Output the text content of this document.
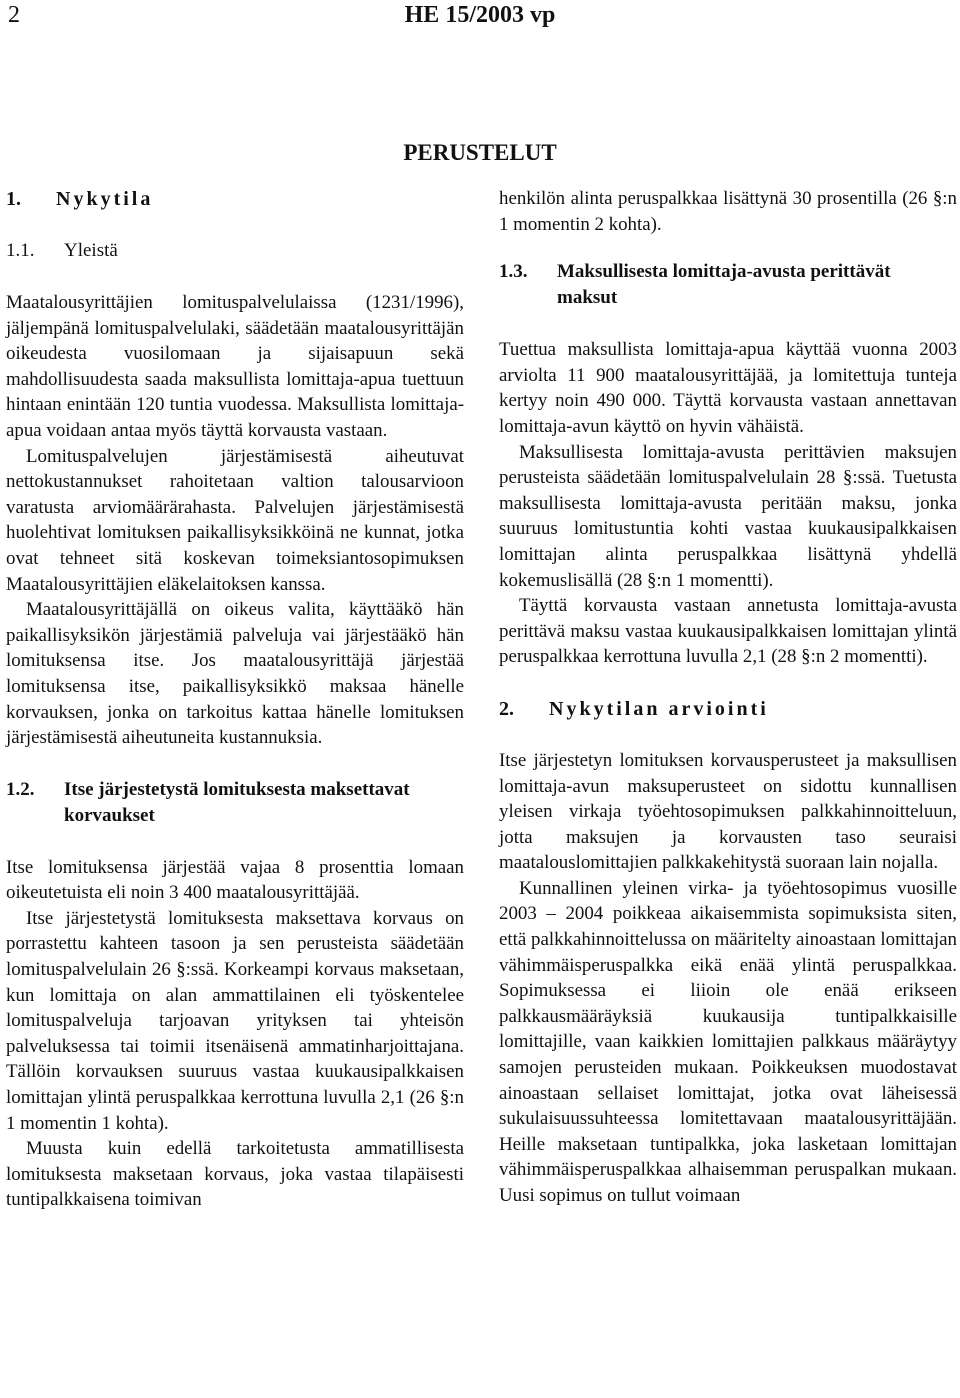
2	HE 15/2003 vp
PERUSTELUT
1. Nykytila
1.1. Yleistä

Maatalousyrittäjien lomituspalvelulaissa (1231/1996), jäljempänä lomituspalvelulaki, säädetään maatalousyrittäjän oikeudesta vuosilomaan ja sijaisapuun sekä mahdollisuudesta saada maksullista lomittaja-apua tuettuun hintaan enintään 120 tuntia vuodessa. Maksullista lomittaja-apua voidaan antaa myös täyttä korvausta vastaan.

Lomituspalvelujen järjestämisestä aiheutuvat nettokustannukset rahoitetaan valtion talousarvioon varatusta arviomäärärahasta. Palvelujen järjestämisestä huolehtivat lomituksen paikallisyksikköinä ne kunnat, jotka ovat tehneet sitä koskevan toimeksiantosopimuksen Maatalousyrittäjien eläkelaitoksen kanssa.

Maatalousyrittäjällä on oikeus valita, käyttääkö hän paikallisyksikön järjestämiä palveluja vai järjestääkö hän lomituksensa itse. Jos maatalousyrittäjä järjestää lomituksensa itse, paikallisyksikkö maksaa hänelle korvauksen, jonka on tarkoitus kattaa hänelle lomituksen järjestämisestä aiheutuneita kustannuksia.

1.2. Itse järjestetystä lomituksesta maksettavat korvaukset

Itse lomituksensa järjestää vajaa 8 prosenttia lomaan oikeutetuista eli noin 3 400 maatalousyrittäjää.

Itse järjestetystä lomituksesta maksettava korvaus on porrastettu kahteen tasoon ja sen perusteista säädetään lomituspalvelulain 26 §:ssä. Korkeampi korvaus maksetaan, kun lomittaja on alan ammattilainen eli työskentelee lomituspalveluja tarjoavan yrityksen tai yhteisön palveluksessa tai toimii itsenäisenä ammatinharjoittajana. Tällöin korvauksen suuruus vastaa kuukausipalkkaisen lomittajan ylintä peruspalkkaa kerrottuna luvulla 2,1 (26 §:n 1 momentin 1 kohta).

Muusta kuin edellä tarkoitetusta ammatillisesta lomituksesta maksetaan korvaus, joka vastaa tilapäisesti tuntipalkkaisena toimivan

henkilön alinta peruspalkkaa lisättynä 30 prosentilla (26 §:n 1 momentin 2 kohta).

1.3. Maksullisesta lomittaja-avusta perittävät maksut

Tuettua maksullista lomittaja-apua käyttää vuonna 2003 arviolta 11 900 maatalousyrittäjää, ja lomitettuja tunteja kertyy noin 490 000. Täyttä korvausta vastaan annettavan lomittaja-avun käyttö on hyvin vähäistä.

Maksullisesta lomittaja-avusta perittävien maksujen perusteista säädetään lomituspalvelulain 28 §:ssä. Tuetusta maksullisesta lomittaja-avusta peritään maksu, jonka suuruus lomitustuntia kohti vastaa kuukausipalkkaisen lomittajan alinta peruspalkkaa lisättynä yhdellä kokemuslisällä (28 §:n 1 momentti).

Täyttä korvausta vastaan annetusta lomittaja-avusta perittävä maksu vastaa kuukausipalkkaisen lomittajan ylintä peruspalkkaa kerrottuna luvulla 2,1 (28 §:n 2 momentti).

2. Nykytilan arviointi

Itse järjestetyn lomituksen korvausperusteet ja maksullisen lomittaja-avun maksuperusteet on sidottu kunnallisen yleisen virkaja työehtosopimuksen palkkahinnoitteluun, jotta maksujen ja korvausten taso seuraisi maatalouslomittajien palkkakehitystä suoraan lain nojalla.

Kunnallinen yleinen virka- ja työehtosopimus vuosille 2003 – 2004 poikkeaa aikaisemmista sopimuksista siten, että palkkahinnoittelussa on määritelty ainoastaan lomittajan vähimmäisperuspalkka eikä enää ylintä peruspalkkaa. Sopimuksessa ei liioin ole enää erikseen palkkausmääräyksiä kuukausija tuntipalkkaisille lomittajille, vaan kaikkien lomittajien palkkaus määräytyy samojen perusteiden mukaan. Poikkeuksen muodostavat ainoastaan sellaiset lomittajat, jotka ovat läheisessä sukulaisuussuhteessa lomitettavaan maatalousyrittäjään. Heille maksetaan tuntipalkka, joka lasketaan lomittajan vähimmäisperuspalkkaa alhaisemman peruspalkan mukaan. Uusi sopimus on tullut voimaan
